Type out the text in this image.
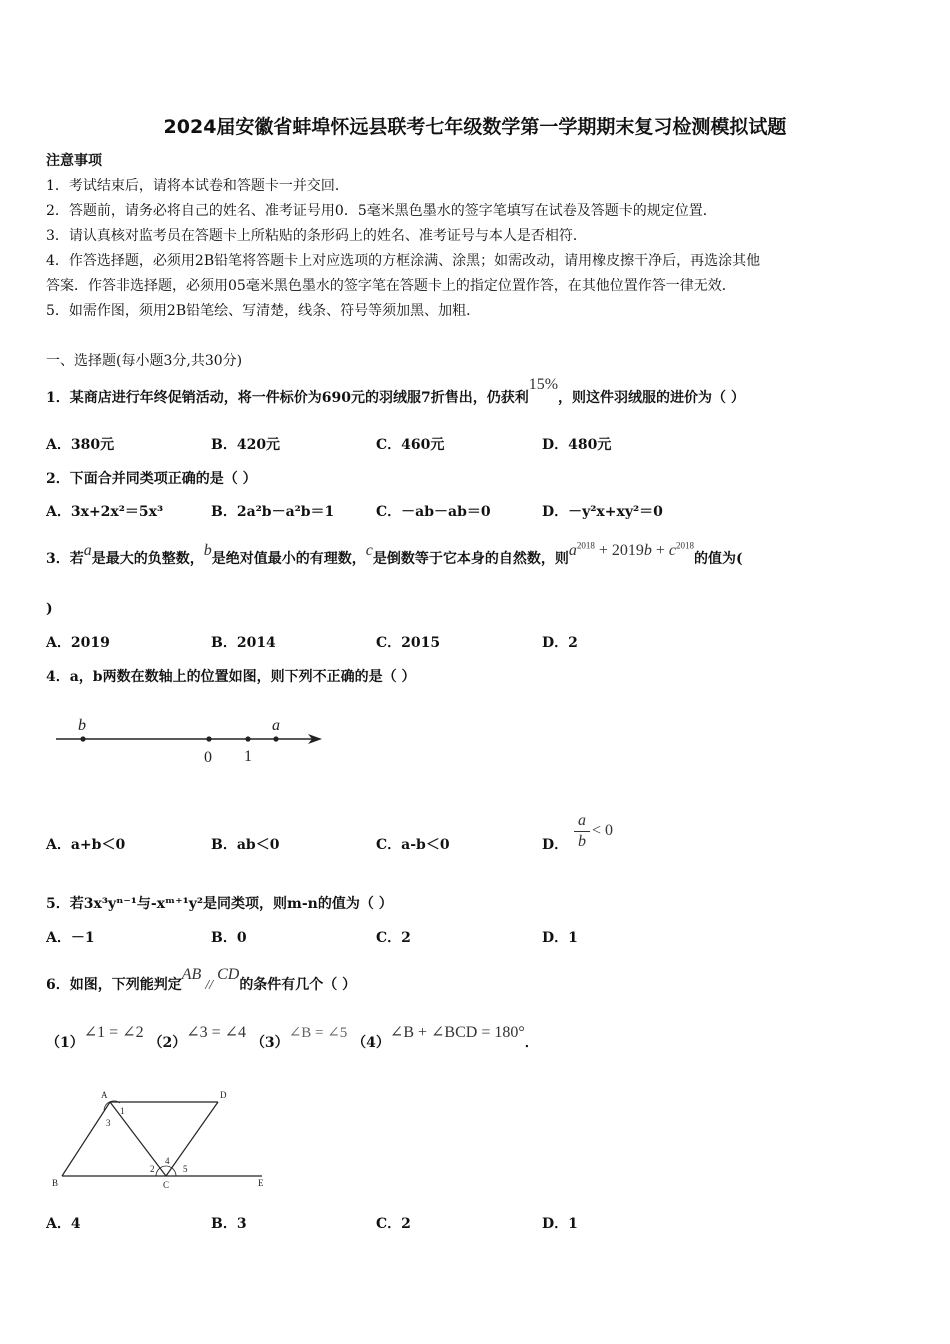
2024届安徽省蚌埠怀远县联考七年级数学第一学期期末复习检测模拟试题
注意事项
1．考试结束后，请将本试卷和答题卡一并交回．
2．答题前，请务必将自己的姓名、准考证号用0．5毫米黑色墨水的签字笔填写在试卷及答题卡的规定位置．
3．请认真核对监考员在答题卡上所粘贴的条形码上的姓名、准考证号与本人是否相符．
4．作答选择题，必须用2B铅笔将答题卡上对应选项的方框涂满、涂黑；如需改动，请用橡皮擦干净后，再选涂其他
答案．作答非选择题，必须用05毫米黑色墨水的签字笔在答题卡上的指定位置作答，在其他位置作答一律无效．
5．如需作图，须用2B铅笔绘、写清楚，线条、符号等须加黑、加粗．
一、选择题(每小题3分,共30分)
1．某商店进行年终促销活动，将一件标价为690元的羽绒服7折售出，仍获利15%，则这件羽绒服的进价为（ ）
A．380元	B．420元	C．460元	D．480元
2．下面合并同类项正确的是（ ）
A．3x+2x²＝5x³	B．2a²b－a²b＝1	C．－ab－ab＝0	D．－y²x+xy²＝0
3．若a是最大的负整数，b是绝对值最小的有理数，c是倒数等于它本身的自然数，则$a^{2018} + 2019b + c^{2018}$的值为(
)
A．2019	B．2014	C．2015	D．2
4．a，b两数在数轴上的位置如图，则下列不正确的是（ ）
b	a
0 1
A．a+b＜0	B．ab＜0	C．a-b＜0	D．
a
b
< 0
5．若3x³yⁿ⁻¹与-xᵐ⁺¹y²是同类项，则m-n的值为（ ）
A．－1	B．0	C．2	D．1
6．如图，下列能判定AB//CD的条件有几个（ ）
（1）∠1 = ∠2 （2）∠3 = ∠4 （3）∠B = ∠5 （4）∠B + ∠BCD = 180°．
A	D
B	C	E
1
3
2
4
5
A．4	B．3	C．2	D．1
